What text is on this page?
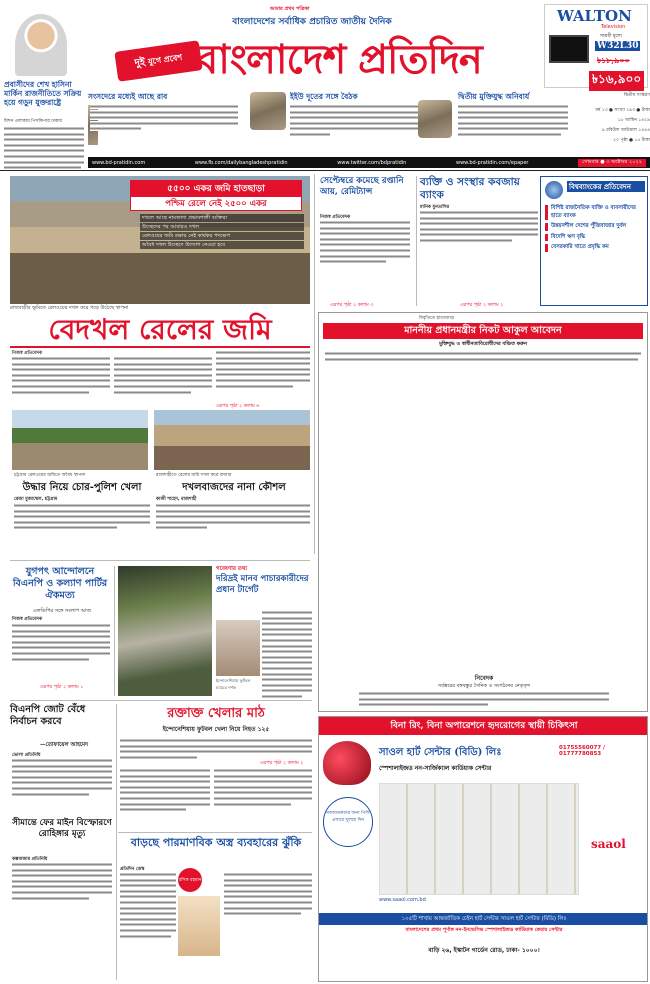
প্রবাসীদের শেখ হাসিনা মার্কিন রাজনীতিতে সক্রিয় হয়ে গড়ুন যুক্তরাষ্ট্রে
মিশন এলাকায় পিসকিপার ঢাকায়
আমার প্রথম পত্রিকা
বাংলাদেশের সর্বাধিক প্রচারিত জাতীয় দৈনিক
দুই যুগে প্রবেশ বাংলাদেশ প্রতিদিন
WALTON
Television
সাশ্রয়ী মূল্যে
W32L30
৳১৮,৯০০
৳১৬,৯০০
দ্বিতীয় সংস্করণ
সংসদেরে মধ্যেই আছে রাব
সংবাদ বিস্তারিত সংবাদ বিস্তারিত সংবাদ বিস্তারিত সংবাদ বিস্তারিত সংবাদ বিস্তারিত সংবাদ বিস্তারিত সংবাদ বিস্তারিত সংবাদ বিস্তারিত সংবাদ বিস্তারিত সংবাদ বিস্তারিত সংবাদ বিস্তারিত সংবাদ বিস্তারিত সংবাদ বিস্তারিত সংবাদ বিস্তারিত সংবাদ বিস্তারিত সংবাদ বিস্তারিত সংবাদ বিস্তারিত সংবাদ বিস্তারিত সংবাদ বিস্তারিত সংবাদ বিস্তারিত সংবাদ বিস্তারিত সংবাদ বিস্তারিত সংবাদ বিস্তারিত সংবাদ বিস্তারিত	ইইউ দূতের সঙ্গে বৈঠক
সংবাদ বিস্তারিত সংবাদ বিস্তারিত সংবাদ বিস্তারিত সংবাদ বিস্তারিত সংবাদ বিস্তারিত সংবাদ বিস্তারিত সংবাদ বিস্তারিত সংবাদ বিস্তারিত সংবাদ বিস্তারিত সংবাদ বিস্তারিত সংবাদ বিস্তারিত সংবাদ বিস্তারিত সংবাদ বিস্তারিত সংবাদ বিস্তারিত সংবাদ বিস্তারিত সংবাদ বিস্তারিত সংবাদ বিস্তারিত সংবাদ বিস্তারিত সংবাদ বিস্তারিত সংবাদ বিস্তারিত সংবাদ বিস্তারিত সংবাদ বিস্তারিত সংবাদ বিস্তারিত সংবাদ বিস্তারিত	দ্বিতীয় মুক্তিযুদ্ধ অনিবার্য
সংবাদ বিস্তারিত সংবাদ বিস্তারিত সংবাদ বিস্তারিত সংবাদ বিস্তারিত সংবাদ বিস্তারিত সংবাদ বিস্তারিত সংবাদ বিস্তারিত সংবাদ বিস্তারিত সংবাদ বিস্তারিত সংবাদ বিস্তারিত সংবাদ বিস্তারিত সংবাদ বিস্তারিত সংবাদ বিস্তারিত সংবাদ বিস্তারিত সংবাদ বিস্তারিত সংবাদ বিস্তারিত সংবাদ বিস্তারিত সংবাদ বিস্তারিত সংবাদ বিস্তারিত সংবাদ বিস্তারিত সংবাদ বিস্তারিত সংবাদ বিস্তারিত সংবাদ বিস্তারিত সংবাদ বিস্তারিত
বর্ষ ১৩ ● সংখ্যা ১৯৩ ● টাকা
১৮ আশ্বিন ১৪২৯
৯ রবিউল আউয়াল ১৪৪৪
২০ পৃষ্ঠা ● ১৫ টাকা
www.bd-pratidin.com	www.fb.com/dailybangladeshpratidin	www.twitter.com/bdpratidin	www.bd-pratidin.com/epaper	সোমবার ● ৩ অক্টোবর ২০২২
সংবাদ বিস্তারিত সংবাদ বিস্তারিত সংবাদ বিস্তারিত সংবাদ বিস্তারিত সংবাদ বিস্তারিত সংবাদ বিস্তারিত সংবাদ বিস্তারিত সংবাদ বিস্তারিত সংবাদ বিস্তারিত সংবাদ বিস্তারিত সংবাদ বিস্তারিত সংবাদ বিস্তারিত সংবাদ বিস্তারিত সংবাদ বিস্তারিত সংবাদ বিস্তারিত সংবাদ বিস্তারিত সংবাদ বিস্তারিত সংবাদ বিস্তারিত সংবাদ বিস্তারিত সংবাদ বিস্তারিত সংবাদ বিস্তারিত সংবাদ বিস্তারিত সংবাদ বিস্তারিত সংবাদ বিস্তারিত
৫৫০০ একর জমি হাতছাড়া
পশ্চিম রেলে নেই ২৫০০ একর
দখলে আছে নামজাদা প্রভাবশালী ব্যক্তিরা
উচ্ছেদের পর আবারও দখল
রেলওয়ের জমি রক্ষায় নেই কার্যকর পদক্ষেপ
অবৈধ দখল উচ্ছেদে উদ্যোগ নেওয়া হবে
রাজবাড়ীর ভূমিতে রেলওয়ের দখল করে গড়ে উঠেছে স্থাপনা
বেদখল রেলের জমি
নিজস্ব প্রতিবেদক
সংবাদ বিস্তারিত সংবাদ বিস্তারিত সংবাদ বিস্তারিত সংবাদ বিস্তারিত সংবাদ বিস্তারিত সংবাদ বিস্তারিত সংবাদ বিস্তারিত সংবাদ বিস্তারিত সংবাদ বিস্তারিত সংবাদ বিস্তারিত সংবাদ বিস্তারিত সংবাদ বিস্তারিত সংবাদ বিস্তারিত সংবাদ বিস্তারিত সংবাদ বিস্তারিত সংবাদ বিস্তারিত সংবাদ বিস্তারিত সংবাদ বিস্তারিত সংবাদ বিস্তারিত সংবাদ বিস্তারিত সংবাদ বিস্তারিত সংবাদ বিস্তারিত সংবাদ বিস্তারিত সংবাদ বিস্তারিত
সংবাদ বিস্তারিত সংবাদ বিস্তারিত সংবাদ বিস্তারিত সংবাদ বিস্তারিত সংবাদ বিস্তারিত সংবাদ বিস্তারিত সংবাদ বিস্তারিত সংবাদ বিস্তারিত সংবাদ বিস্তারিত সংবাদ বিস্তারিত সংবাদ বিস্তারিত সংবাদ বিস্তারিত সংবাদ বিস্তারিত সংবাদ বিস্তারিত সংবাদ বিস্তারিত সংবাদ বিস্তারিত সংবাদ বিস্তারিত সংবাদ বিস্তারিত সংবাদ বিস্তারিত সংবাদ বিস্তারিত সংবাদ বিস্তারিত সংবাদ বিস্তারিত সংবাদ বিস্তারিত সংবাদ বিস্তারিত
সংবাদ বিস্তারিত সংবাদ বিস্তারিত সংবাদ বিস্তারিত সংবাদ বিস্তারিত সংবাদ বিস্তারিত সংবাদ বিস্তারিত সংবাদ বিস্তারিত সংবাদ বিস্তারিত সংবাদ বিস্তারিত সংবাদ বিস্তারিত সংবাদ বিস্তারিত সংবাদ বিস্তারিত সংবাদ বিস্তারিত সংবাদ বিস্তারিত সংবাদ বিস্তারিত সংবাদ বিস্তারিত সংবাদ বিস্তারিত সংবাদ বিস্তারিত সংবাদ বিস্তারিত সংবাদ বিস্তারিত সংবাদ বিস্তারিত সংবাদ বিস্তারিত সংবাদ বিস্তারিত সংবাদ বিস্তারিত
এরপর পৃষ্ঠা ২ কলাম ৬
চট্টগ্রাম রেলওয়ের জমিতে অবৈধ স্থাপনা	রাজশাহীতে রেলের জমি দখল করে বাজার
উদ্ধার নিয়ে চোর-পুলিশ খেলা	দখলবাজদের নানা কৌশল
রেজা মুজাম্মেল, চট্টগ্রাম	কাজী শাহেদ, রাজশাহী
সংবাদ বিস্তারিত সংবাদ বিস্তারিত সংবাদ বিস্তারিত সংবাদ বিস্তারিত সংবাদ বিস্তারিত সংবাদ বিস্তারিত সংবাদ বিস্তারিত সংবাদ বিস্তারিত সংবাদ বিস্তারিত সংবাদ বিস্তারিত সংবাদ বিস্তারিত সংবাদ বিস্তারিত সংবাদ বিস্তারিত সংবাদ বিস্তারিত সংবাদ বিস্তারিত সংবাদ বিস্তারিত সংবাদ বিস্তারিত সংবাদ বিস্তারিত সংবাদ বিস্তারিত সংবাদ বিস্তারিত সংবাদ বিস্তারিত সংবাদ বিস্তারিত সংবাদ বিস্তারিত সংবাদ বিস্তারিত
সংবাদ বিস্তারিত সংবাদ বিস্তারিত সংবাদ বিস্তারিত সংবাদ বিস্তারিত সংবাদ বিস্তারিত সংবাদ বিস্তারিত সংবাদ বিস্তারিত সংবাদ বিস্তারিত সংবাদ বিস্তারিত সংবাদ বিস্তারিত সংবাদ বিস্তারিত সংবাদ বিস্তারিত সংবাদ বিস্তারিত সংবাদ বিস্তারিত সংবাদ বিস্তারিত সংবাদ বিস্তারিত সংবাদ বিস্তারিত সংবাদ বিস্তারিত সংবাদ বিস্তারিত সংবাদ বিস্তারিত সংবাদ বিস্তারিত সংবাদ বিস্তারিত সংবাদ বিস্তারিত সংবাদ বিস্তারিত
সেপ্টেম্বরে কমেছে রপ্তানি আয়, রেমিট্যান্স
নিজস্ব প্রতিবেদক
সংবাদ বিস্তারিত সংবাদ বিস্তারিত সংবাদ বিস্তারিত সংবাদ বিস্তারিত সংবাদ বিস্তারিত সংবাদ বিস্তারিত সংবাদ বিস্তারিত সংবাদ বিস্তারিত সংবাদ বিস্তারিত সংবাদ বিস্তারিত সংবাদ বিস্তারিত সংবাদ বিস্তারিত সংবাদ বিস্তারিত সংবাদ বিস্তারিত সংবাদ বিস্তারিত সংবাদ বিস্তারিত সংবাদ বিস্তারিত সংবাদ বিস্তারিত সংবাদ বিস্তারিত সংবাদ বিস্তারিত সংবাদ বিস্তারিত সংবাদ বিস্তারিত সংবাদ বিস্তারিত সংবাদ বিস্তারিত
এরপর পৃষ্ঠা ২ কলাম ৩
ব্যক্তি ও সংস্থার কবজায় ব্যাংক
মানিক মুনতাসির
সংবাদ বিস্তারিত সংবাদ বিস্তারিত সংবাদ বিস্তারিত সংবাদ বিস্তারিত সংবাদ বিস্তারিত সংবাদ বিস্তারিত সংবাদ বিস্তারিত সংবাদ বিস্তারিত সংবাদ বিস্তারিত সংবাদ বিস্তারিত সংবাদ বিস্তারিত সংবাদ বিস্তারিত সংবাদ বিস্তারিত সংবাদ বিস্তারিত সংবাদ বিস্তারিত সংবাদ বিস্তারিত সংবাদ বিস্তারিত সংবাদ বিস্তারিত সংবাদ বিস্তারিত সংবাদ বিস্তারিত সংবাদ বিস্তারিত সংবাদ বিস্তারিত সংবাদ বিস্তারিত সংবাদ বিস্তারিত
এরপর পৃষ্ঠা ২ কলাম ২
বিশ্বব্যাংকের প্রতিবেদন
বিশিষ্ট রাজনৈতিক ব্যক্তি ও ব্যবসায়ীদের হাতে ব্যাংক
উন্নয়নশীল দেশের পুঁজিবাজার দুর্বল
বিদেশি ঋণ বৃদ্ধি
বেসরকারি খাতে প্রবৃদ্ধি কম
বিবৃতিতে হাতজোড়
মাননীয় প্রধানমন্ত্রীর নিকট আকুল আবেদন
মুক্তিযুদ্ধ ও স্বাধীনতাবিরোধীদের বঞ্চিত করুন
সংবাদ বিস্তারিত সংবাদ বিস্তারিত সংবাদ বিস্তারিত সংবাদ বিস্তারিত সংবাদ বিস্তারিত সংবাদ বিস্তারিত সংবাদ বিস্তারিত সংবাদ বিস্তারিত সংবাদ বিস্তারিত সংবাদ বিস্তারিত সংবাদ বিস্তারিত সংবাদ বিস্তারিত সংবাদ বিস্তারিত সংবাদ বিস্তারিত সংবাদ বিস্তারিত সংবাদ বিস্তারিত সংবাদ বিস্তারিত সংবাদ বিস্তারিত সংবাদ বিস্তারিত সংবাদ বিস্তারিত সংবাদ বিস্তারিত সংবাদ বিস্তারিত সংবাদ বিস্তারিত সংবাদ বিস্তারিত
নিবেদক
সর্বস্তরের বঙ্গবন্ধুর সৈনিক ও সংগঠনের নেতৃবৃন্দ
সংবাদ বিস্তারিত সংবাদ বিস্তারিত সংবাদ বিস্তারিত সংবাদ বিস্তারিত সংবাদ বিস্তারিত সংবাদ বিস্তারিত সংবাদ বিস্তারিত সংবাদ বিস্তারিত সংবাদ বিস্তারিত সংবাদ বিস্তারিত সংবাদ বিস্তারিত সংবাদ বিস্তারিত সংবাদ বিস্তারিত সংবাদ বিস্তারিত সংবাদ বিস্তারিত সংবাদ বিস্তারিত সংবাদ বিস্তারিত সংবাদ বিস্তারিত সংবাদ বিস্তারিত সংবাদ বিস্তারিত সংবাদ বিস্তারিত সংবাদ বিস্তারিত সংবাদ বিস্তারিত সংবাদ বিস্তারিত
যুগপৎ আন্দোলনে বিএনপি ও কল্যাণ পার্টির ঐকমত্য
এলডিপির সঙ্গে সংলাপ আজ
নিজস্ব প্রতিবেদক
সংবাদ বিস্তারিত সংবাদ বিস্তারিত সংবাদ বিস্তারিত সংবাদ বিস্তারিত সংবাদ বিস্তারিত সংবাদ বিস্তারিত সংবাদ বিস্তারিত সংবাদ বিস্তারিত সংবাদ বিস্তারিত সংবাদ বিস্তারিত সংবাদ বিস্তারিত সংবাদ বিস্তারিত সংবাদ বিস্তারিত সংবাদ বিস্তারিত সংবাদ বিস্তারিত সংবাদ বিস্তারিত সংবাদ বিস্তারিত সংবাদ বিস্তারিত সংবাদ বিস্তারিত সংবাদ বিস্তারিত সংবাদ বিস্তারিত সংবাদ বিস্তারিত সংবাদ বিস্তারিত সংবাদ বিস্তারিত
এরপর পৃষ্ঠা ২ কলাম ১
গবেষণার তথ্য
দরিদ্রই মানব পাচারকারীদের প্রধান টার্গেট
সংবাদ বিস্তারিত সংবাদ বিস্তারিত সংবাদ বিস্তারিত সংবাদ বিস্তারিত সংবাদ বিস্তারিত সংবাদ বিস্তারিত সংবাদ বিস্তারিত সংবাদ বিস্তারিত সংবাদ বিস্তারিত সংবাদ বিস্তারিত সংবাদ বিস্তারিত সংবাদ বিস্তারিত সংবাদ বিস্তারিত সংবাদ বিস্তারিত সংবাদ বিস্তারিত সংবাদ বিস্তারিত সংবাদ বিস্তারিত সংবাদ বিস্তারিত সংবাদ বিস্তারিত সংবাদ বিস্তারিত সংবাদ বিস্তারিত সংবাদ বিস্তারিত সংবাদ বিস্তারিত সংবাদ বিস্তারিত
ইন্দোনেশিয়ায় ফুটবল ম্যাচের দর্শক
বিএনপি জোট বেঁধে নির্বাচন করবে
—তোফায়েল আহমেদ
ভোলা প্রতিনিধি
সংবাদ বিস্তারিত সংবাদ বিস্তারিত সংবাদ বিস্তারিত সংবাদ বিস্তারিত সংবাদ বিস্তারিত সংবাদ বিস্তারিত সংবাদ বিস্তারিত সংবাদ বিস্তারিত সংবাদ বিস্তারিত সংবাদ বিস্তারিত সংবাদ বিস্তারিত সংবাদ বিস্তারিত সংবাদ বিস্তারিত সংবাদ বিস্তারিত সংবাদ বিস্তারিত সংবাদ বিস্তারিত সংবাদ বিস্তারিত সংবাদ বিস্তারিত সংবাদ বিস্তারিত সংবাদ বিস্তারিত সংবাদ বিস্তারিত সংবাদ বিস্তারিত সংবাদ বিস্তারিত সংবাদ বিস্তারিত
সীমান্তে ফের মাইন বিস্ফোরণে রোহিঙ্গার মৃত্যু
কক্সবাজার প্রতিনিধি
সংবাদ বিস্তারিত সংবাদ বিস্তারিত সংবাদ বিস্তারিত সংবাদ বিস্তারিত সংবাদ বিস্তারিত সংবাদ বিস্তারিত সংবাদ বিস্তারিত সংবাদ বিস্তারিত সংবাদ বিস্তারিত সংবাদ বিস্তারিত সংবাদ বিস্তারিত সংবাদ বিস্তারিত সংবাদ বিস্তারিত সংবাদ বিস্তারিত সংবাদ বিস্তারিত সংবাদ বিস্তারিত সংবাদ বিস্তারিত সংবাদ বিস্তারিত সংবাদ বিস্তারিত সংবাদ বিস্তারিত সংবাদ বিস্তারিত সংবাদ বিস্তারিত সংবাদ বিস্তারিত সংবাদ বিস্তারিত
রক্তাক্ত খেলার মাঠ
ইন্দোনেশিয়ায় ফুটবল খেলা নিয়ে নিহত ১২৫
সংবাদ বিস্তারিত সংবাদ বিস্তারিত সংবাদ বিস্তারিত সংবাদ বিস্তারিত সংবাদ বিস্তারিত সংবাদ বিস্তারিত সংবাদ বিস্তারিত সংবাদ বিস্তারিত সংবাদ বিস্তারিত সংবাদ বিস্তারিত সংবাদ বিস্তারিত সংবাদ বিস্তারিত সংবাদ বিস্তারিত সংবাদ বিস্তারিত সংবাদ বিস্তারিত সংবাদ বিস্তারিত সংবাদ বিস্তারিত সংবাদ বিস্তারিত সংবাদ বিস্তারিত সংবাদ বিস্তারিত সংবাদ বিস্তারিত সংবাদ বিস্তারিত সংবাদ বিস্তারিত সংবাদ বিস্তারিত
এরপর পৃষ্ঠা ২ কলাম ২
সংবাদ বিস্তারিত সংবাদ বিস্তারিত সংবাদ বিস্তারিত সংবাদ বিস্তারিত সংবাদ বিস্তারিত সংবাদ বিস্তারিত সংবাদ বিস্তারিত সংবাদ বিস্তারিত সংবাদ বিস্তারিত সংবাদ বিস্তারিত সংবাদ বিস্তারিত সংবাদ বিস্তারিত সংবাদ বিস্তারিত সংবাদ বিস্তারিত সংবাদ বিস্তারিত সংবাদ বিস্তারিত সংবাদ বিস্তারিত সংবাদ বিস্তারিত সংবাদ বিস্তারিত সংবাদ বিস্তারিত সংবাদ বিস্তারিত সংবাদ বিস্তারিত সংবাদ বিস্তারিত সংবাদ বিস্তারিত
সংবাদ বিস্তারিত সংবাদ বিস্তারিত সংবাদ বিস্তারিত সংবাদ বিস্তারিত সংবাদ বিস্তারিত সংবাদ বিস্তারিত সংবাদ বিস্তারিত সংবাদ বিস্তারিত সংবাদ বিস্তারিত সংবাদ বিস্তারিত সংবাদ বিস্তারিত সংবাদ বিস্তারিত সংবাদ বিস্তারিত সংবাদ বিস্তারিত সংবাদ বিস্তারিত সংবাদ বিস্তারিত সংবাদ বিস্তারিত সংবাদ বিস্তারিত সংবাদ বিস্তারিত সংবাদ বিস্তারিত সংবাদ বিস্তারিত সংবাদ বিস্তারিত সংবাদ বিস্তারিত সংবাদ বিস্তারিত
বাড়ছে পারমাণবিক অস্ত্র ব্যবহারের ঝুঁকি
প্রতিদিন ডেস্ক
সংবাদ বিস্তারিত সংবাদ বিস্তারিত সংবাদ বিস্তারিত সংবাদ বিস্তারিত সংবাদ বিস্তারিত সংবাদ বিস্তারিত সংবাদ বিস্তারিত সংবাদ বিস্তারিত সংবাদ বিস্তারিত সংবাদ বিস্তারিত সংবাদ বিস্তারিত সংবাদ বিস্তারিত সংবাদ বিস্তারিত সংবাদ বিস্তারিত সংবাদ বিস্তারিত সংবাদ বিস্তারিত সংবাদ বিস্তারিত সংবাদ বিস্তারিত সংবাদ বিস্তারিত সংবাদ বিস্তারিত সংবাদ বিস্তারিত সংবাদ বিস্তারিত সংবাদ বিস্তারিত সংবাদ বিস্তারিত
রসিক রহমান
সংবাদ বিস্তারিত সংবাদ বিস্তারিত সংবাদ বিস্তারিত সংবাদ বিস্তারিত সংবাদ বিস্তারিত সংবাদ বিস্তারিত সংবাদ বিস্তারিত সংবাদ বিস্তারিত সংবাদ বিস্তারিত সংবাদ বিস্তারিত সংবাদ বিস্তারিত সংবাদ বিস্তারিত সংবাদ বিস্তারিত সংবাদ বিস্তারিত সংবাদ বিস্তারিত সংবাদ বিস্তারিত সংবাদ বিস্তারিত সংবাদ বিস্তারিত সংবাদ বিস্তারিত সংবাদ বিস্তারিত সংবাদ বিস্তারিত সংবাদ বিস্তারিত সংবাদ বিস্তারিত সংবাদ বিস্তারিত
বিনা রিং, বিনা অপারেশনে হৃদরোগের স্থায়ী চিকিৎসা
সাওল হার্ট সেন্টার (বিডি) লিঃ
স্পেশালাইজড নন-সার্জিক্যাল কার্ডিয়াক সেন্টার
01755560077 / 01777780853
নবজাতকদের জন্য পিসি প্রসারে খুলছে দিন
saaol
www.saaol.com.bd
১০৫টি শাখায় আন্তর্জাতিক চেইন হার্ট সেন্টার সাওল হার্ট সেন্টার (বিডি) লিঃ
বাংলাদেশের প্রথম পূর্ণাঙ্গ নন-ইনভেসিভ স্পেশালাইজড কার্ডিয়াক কেয়ার সেন্টার
বাড়ি ২৬, ইস্কাটন গার্ডেন রোড, ঢাকা- ১০০০।
